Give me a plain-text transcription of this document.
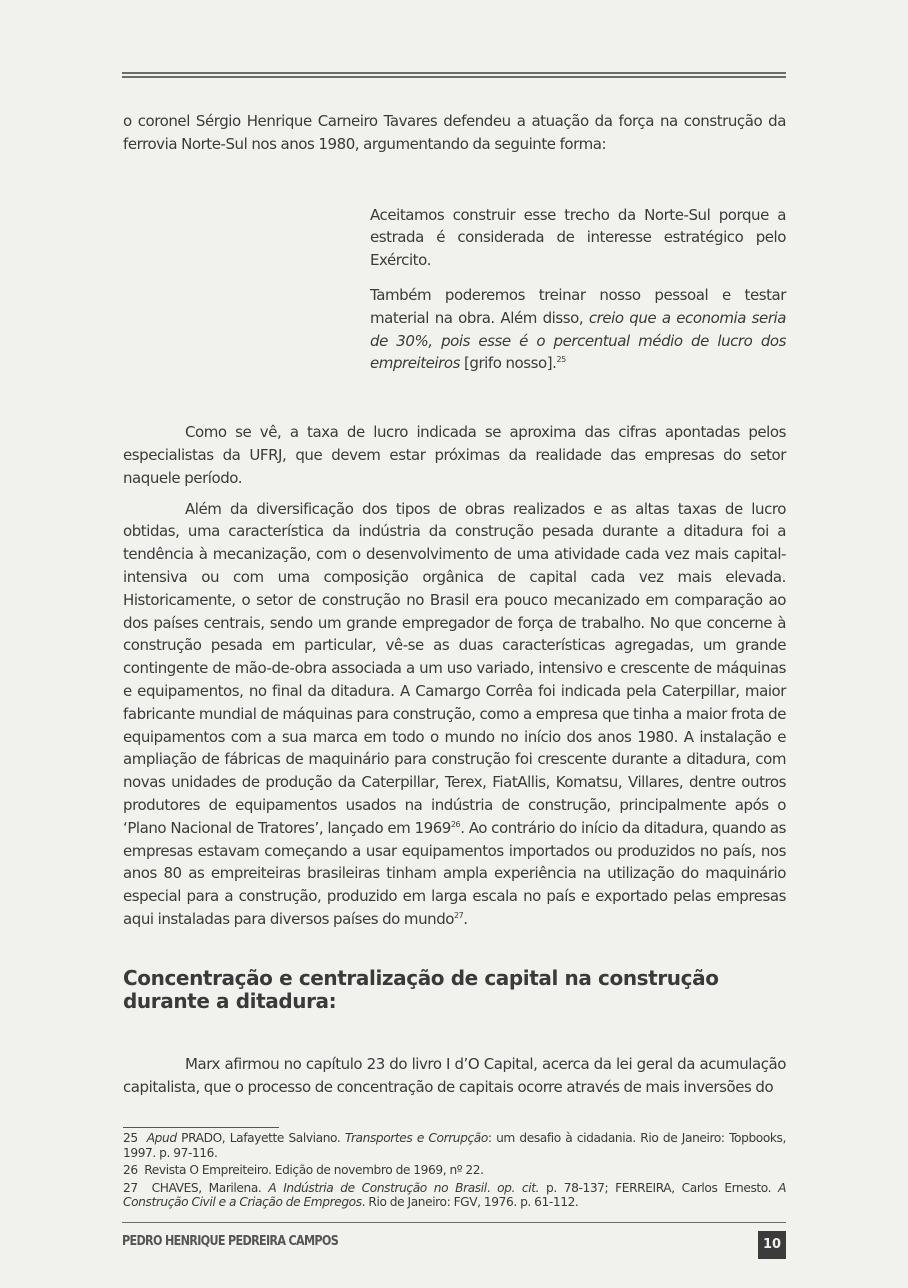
o coronel Sérgio Henrique Carneiro Tavares defendeu a atuação da força na construção da ferrovia Norte-Sul nos anos 1980, argumentando da seguinte forma:

Aceitamos construir esse trecho da Norte-Sul porque a estrada é considerada de interesse estratégico pelo Exército.

Também poderemos treinar nosso pessoal e testar material na obra. Além disso, creio que a economia seria de 30%, pois esse é o percentual médio de lucro dos empreiteiros [grifo nosso].$^{25}$

Como se vê, a taxa de lucro indicada se aproxima das cifras apontadas pelos especialistas da UFRJ, que devem estar próximas da realidade das empresas do setor naquele período.

Além da diversificação dos tipos de obras realizados e as altas taxas de lucro obtidas, uma característica da indústria da construção pesada durante a ditadura foi a tendência à mecanização, com o desenvolvimento de uma atividade cada vez mais capital-intensiva ou com uma composição orgânica de capital cada vez mais elevada. Historicamente, o setor de construção no Brasil era pouco mecanizado em comparação ao dos países centrais, sendo um grande empregador de força de trabalho. No que concerne à construção pesada em particular, vê-se as duas características agregadas, um grande contingente de mão-de-obra associada a um uso variado, intensivo e crescente de máquinas e equipamentos, no final da ditadura. A Camargo Corrêa foi indicada pela Caterpillar, maior fabricante mundial de máquinas para construção, como a empresa que tinha a maior frota de equipamentos com a sua marca em todo o mundo no início dos anos 1980. A instalação e ampliação de fábricas de maquinário para construção foi crescente durante a ditadura, com novas unidades de produção da Caterpillar, Terex, FiatAllis, Komatsu, Villares, dentre outros produtores de equipamentos usados na indústria de construção, principalmente após o ‘Plano Nacional de Tratores’, lançado em 1969$^{26}$. Ao contrário do início da ditadura, quando as empresas estavam começando a usar equipamentos importados ou produzidos no país, nos anos 80 as empreiteiras brasileiras tinham ampla experiência na utilização do maquinário especial para a construção, produzido em larga escala no país e exportado pelas empresas aqui instaladas para diversos países do mundo$^{27}$.

Concentração e centralização de capital na construção durante a ditadura:

Marx afirmou no capítulo 23 do livro I d’O Capital, acerca da lei geral da acumulação capitalista, que o processo de concentração de capitais ocorre através de mais inversões do

25 Apud PRADO, Lafayette Salviano. Transportes e Corrupção: um desafio à cidadania. Rio de Janeiro: Topbooks, 1997. p. 97-116.

26 Revista O Empreiteiro. Edição de novembro de 1969, nº 22.

27 CHAVES, Marilena. A Indústria de Construção no Brasil. op. cit. p. 78-137; FERREIRA, Carlos Ernesto. A Construção Civil e a Criação de Empregos. Rio de Janeiro: FGV, 1976. p. 61-112.

PEDRO HENRIQUE PEDREIRA CAMPOS	10
